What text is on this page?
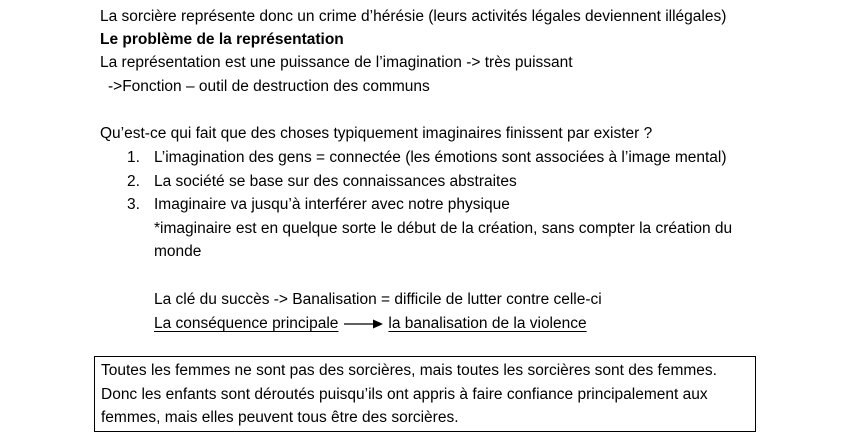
La sorcière représente donc un crime d’hérésie (leurs activités légales deviennent illégales)
Le problème de la représentation
La représentation est une puissance de l’imagination -> très puissant
->Fonction – outil de destruction des communs
Qu’est-ce qui fait que des choses typiquement imaginaires finissent par exister ?
1. L’imagination des gens = connectée (les émotions sont associées à l’image mental)
2. La société se base sur des connaissances abstraites
3. Imaginaire va jusqu’à interférer avec notre physique
*imaginaire est en quelque sorte le début de la création, sans compter la création du
monde
La clé du succès -> Banalisation = difficile de lutter contre celle-ci
La conséquence principale	la banalisation de la violence
Toutes les femmes ne sont pas des sorcières, mais toutes les sorcières sont des femmes.
Donc les enfants sont déroutés puisqu’ils ont appris à faire confiance principalement aux
femmes, mais elles peuvent tous être des sorcières.
